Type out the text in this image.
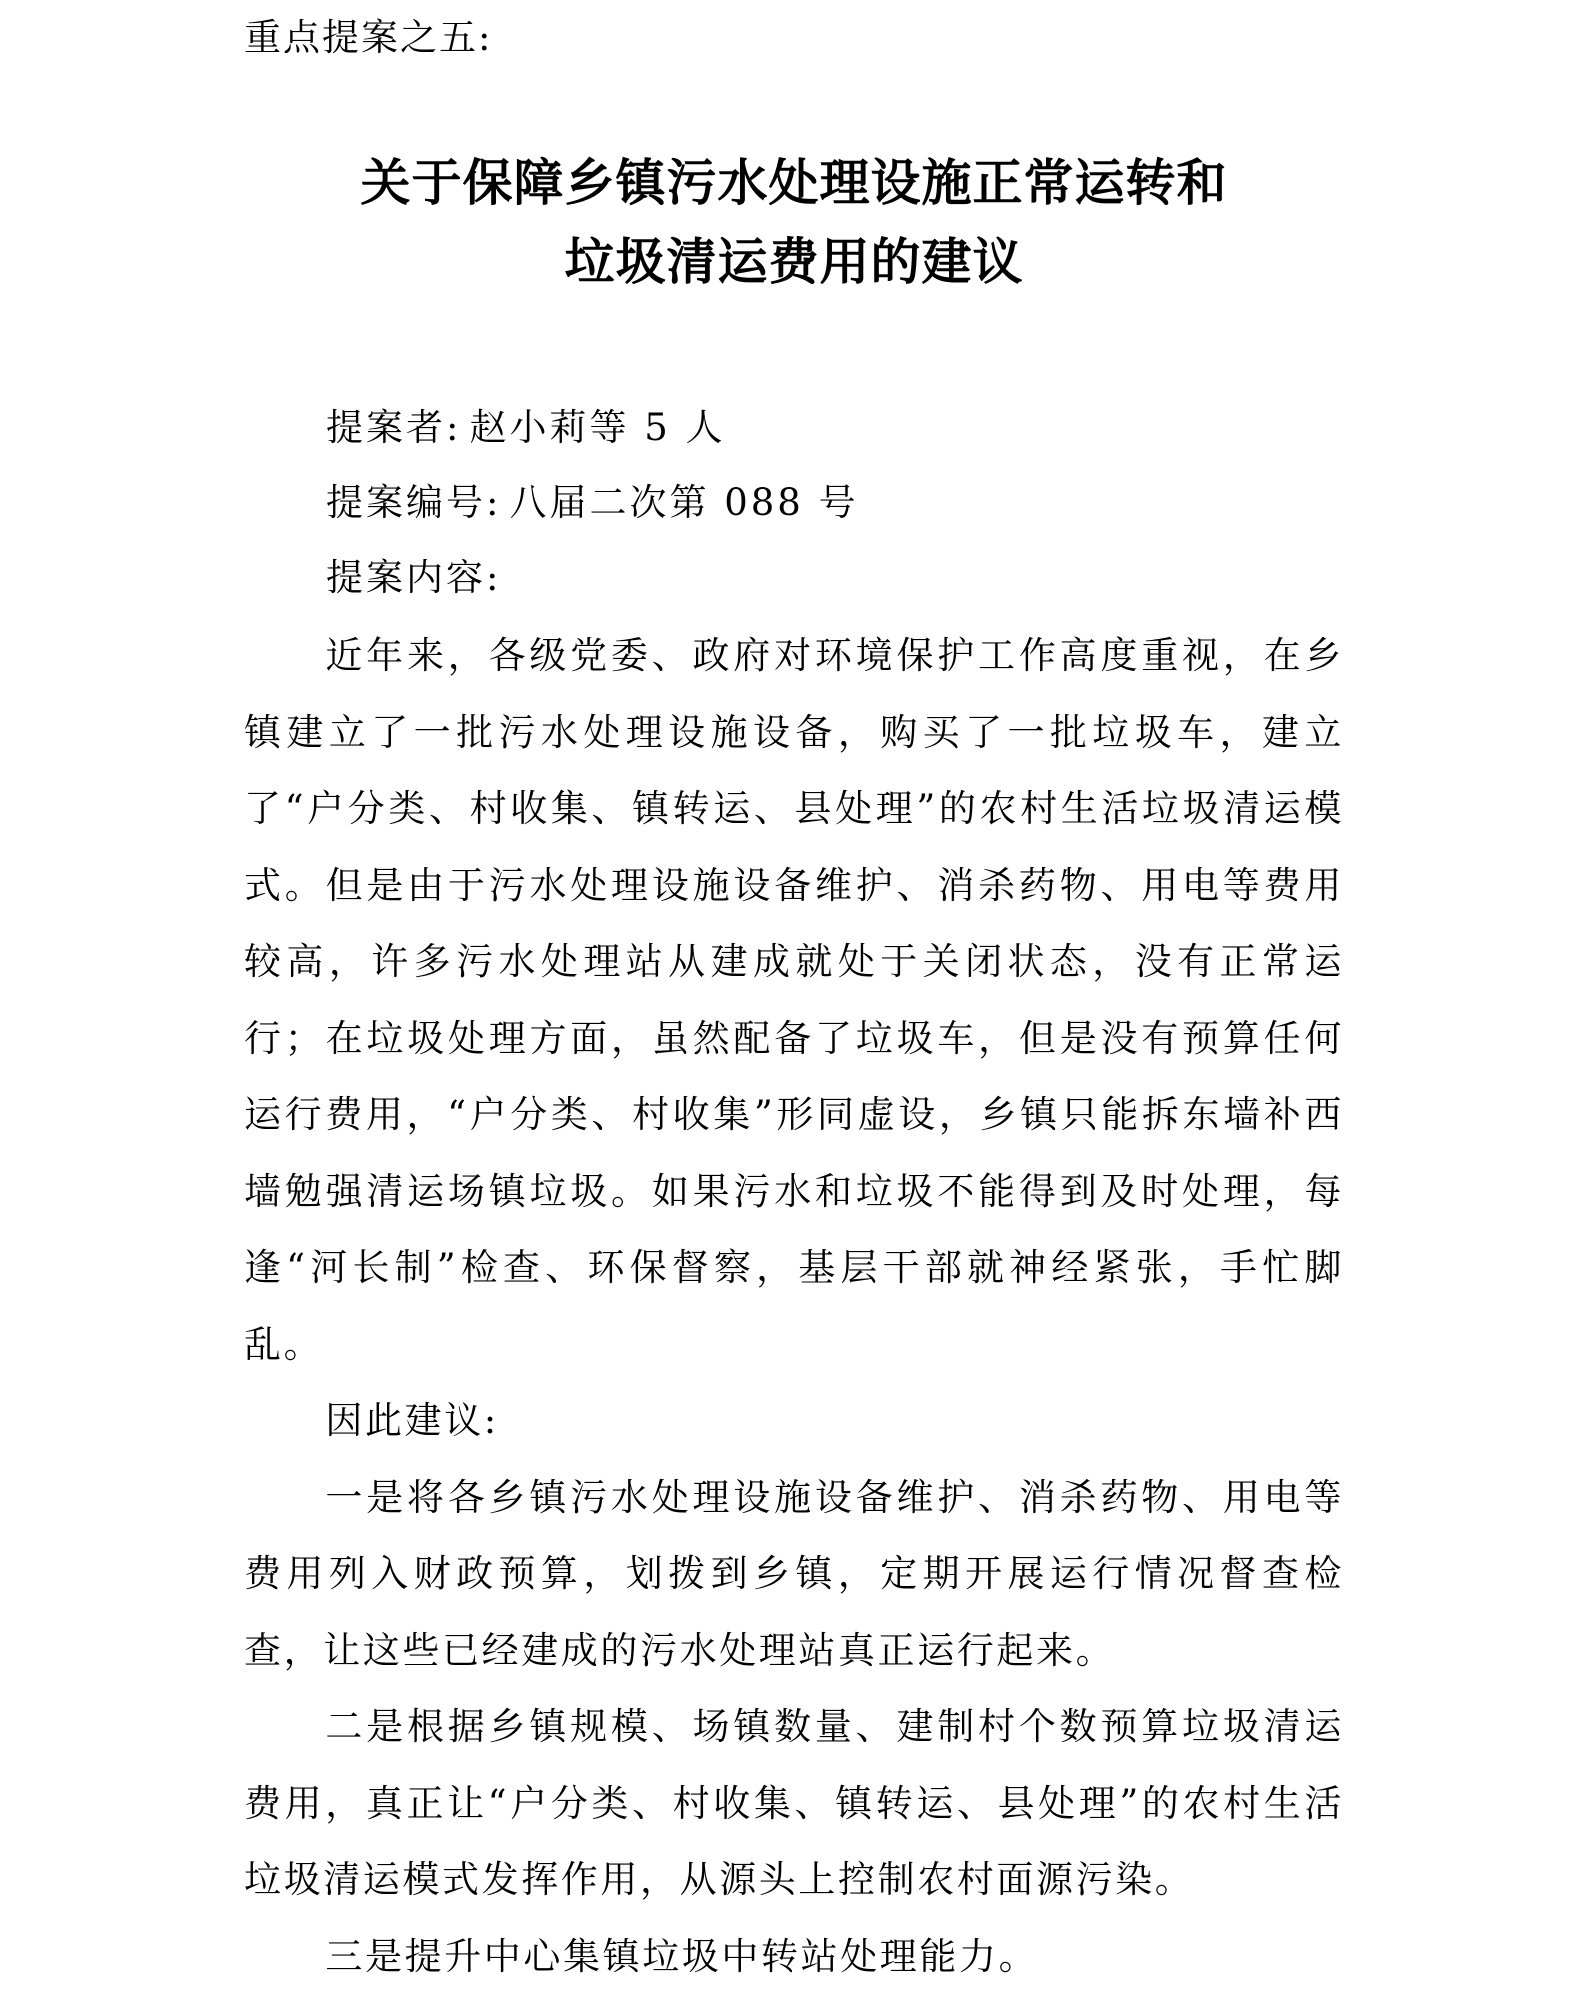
重点提案之五:
关于保障乡镇污水处理设施正常运转和
垃圾清运费用的建议
提案者: 赵小莉等 5 人
提案编号: 八届二次第 088 号
提案内容:

近年来，各级党委、政府对环境保护工作高度重视，在乡镇建立了一批污水处理设施设备，购买了一批垃圾车，建立了“户分类、村收集、镇转运、县处理”的农村生活垃圾清运模式。但是由于污水处理设施设备维护、消杀药物、用电等费用较高，许多污水处理站从建成就处于关闭状态，没有正常运行；在垃圾处理方面，虽然配备了垃圾车，但是没有预算任何运行费用，“户分类、村收集”形同虚设，乡镇只能拆东墙补西墙勉强清运场镇垃圾。如果污水和垃圾不能得到及时处理，每逢“河长制”检查、环保督察，基层干部就神经紧张，手忙脚乱。

因此建议:

一是将各乡镇污水处理设施设备维护、消杀药物、用电等费用列入财政预算，划拨到乡镇，定期开展运行情况督查检查，让这些已经建成的污水处理站真正运行起来。

二是根据乡镇规模、场镇数量、建制村个数预算垃圾清运费用，真正让“户分类、村收集、镇转运、县处理”的农村生活垃圾清运模式发挥作用，从源头上控制农村面源污染。

三是提升中心集镇垃圾中转站处理能力。
